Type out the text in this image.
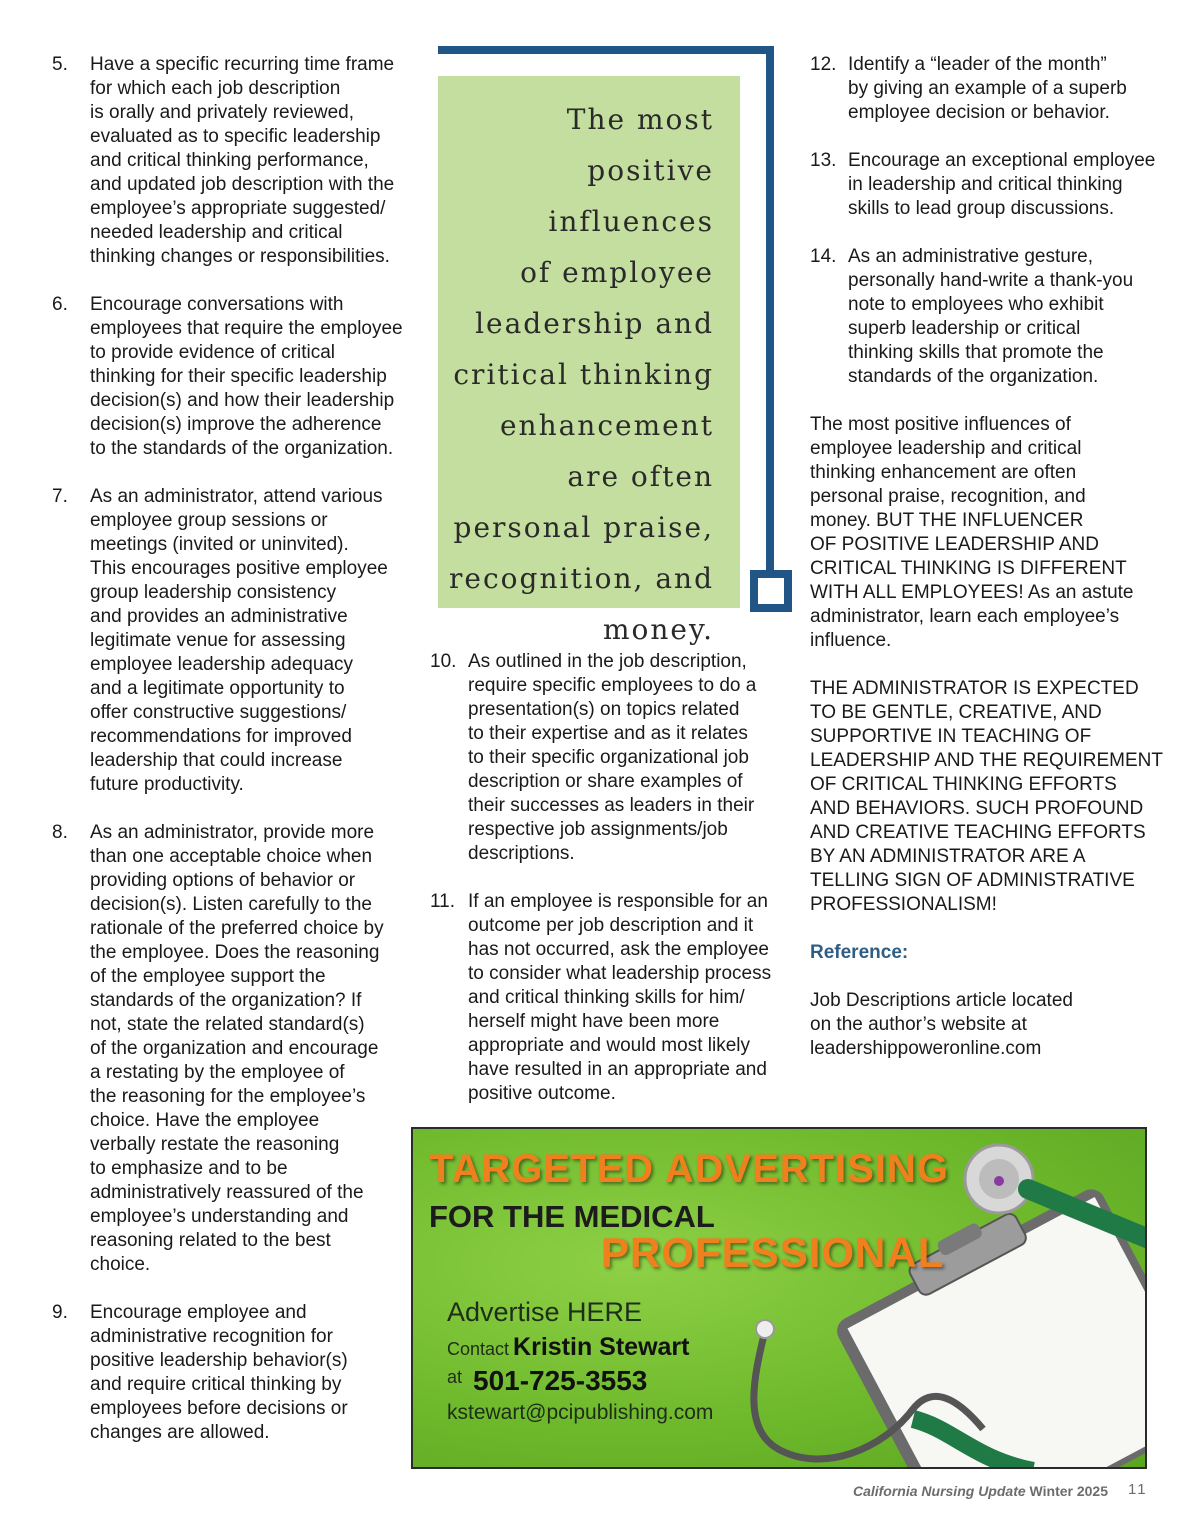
5.	Have a specific recurring time frame
for which each job description
is orally and privately reviewed,
evaluated as to specific leadership
and critical thinking performance,
and updated job description with the
employee’s appropriate suggested/
needed leadership and critical
thinking changes or responsibilities.
6.	Encourage conversations with
employees that require the employee
to provide evidence of critical
thinking for their specific leadership
decision(s) and how their leadership
decision(s) improve the adherence
to the standards of the organization.
7.	As an administrator, attend various
employee group sessions or
meetings (invited or uninvited).
This encourages positive employee
group leadership consistency
and provides an administrative
legitimate venue for assessing
employee leadership adequacy
and a legitimate opportunity to
offer constructive suggestions/
recommendations for improved
leadership that could increase
future productivity.
8.	As an administrator, provide more
than one acceptable choice when
providing options of behavior or
decision(s). Listen carefully to the
rationale of the preferred choice by
the employee. Does the reasoning
of the employee support the
standards of the organization? If
not, state the related standard(s)
of the organization and encourage
a restating by the employee of
the reasoning for the employee’s
choice. Have the employee
verbally restate the reasoning
to emphasize and to be
administratively reassured of the
employee’s understanding and
reasoning related to the best
choice.
9.	Encourage employee and
administrative recognition for
positive leadership behavior(s)
and require critical thinking by
employees before decisions or
changes are allowed.
The most positive
influences
of employee
leadership and
critical thinking
enhancement
are often
personal praise,
recognition, and
money.
10. As outlined in the job description,
require specific employees to do a
presentation(s) on topics related
to their expertise and as it relates
to their specific organizational job
description or share examples of
their successes as leaders in their
respective job assignments/job
descriptions.
11. If an employee is responsible for an
outcome per job description and it
has not occurred, ask the employee
to consider what leadership process
and critical thinking skills for him/
herself might have been more
appropriate and would most likely
have resulted in an appropriate and
positive outcome.
12. Identify a “leader of the month”
by giving an example of a superb
employee decision or behavior.
13. Encourage an exceptional employee
in leadership and critical thinking
skills to lead group discussions.
14. As an administrative gesture,
personally hand-write a thank-you
note to employees who exhibit
superb leadership or critical
thinking skills that promote the
standards of the organization.
The most positive influences of
employee leadership and critical
thinking enhancement are often
personal praise, recognition, and
money. BUT THE INFLUENCER
OF POSITIVE LEADERSHIP AND
CRITICAL THINKING IS DIFFERENT
WITH ALL EMPLOYEES! As an astute
administrator, learn each employee’s
influence.
THE ADMINISTRATOR IS EXPECTED
TO BE GENTLE, CREATIVE, AND
SUPPORTIVE IN TEACHING OF
LEADERSHIP AND THE REQUIREMENT
OF CRITICAL THINKING EFFORTS
AND BEHAVIORS. SUCH PROFOUND
AND CREATIVE TEACHING EFFORTS
BY AN ADMINISTRATOR ARE A
TELLING SIGN OF ADMINISTRATIVE
PROFESSIONALISM!
Reference:
Job Descriptions article located
on the author’s website at
leadershippoweronline.com
TARGETED ADVERTISING
FOR THE MEDICAL
PROFESSIONAL
Advertise HERE
Contact Kristin Stewart
at 501-725-3553
kstewart@pcipublishing.com
California Nursing Update Winter 2025 11
